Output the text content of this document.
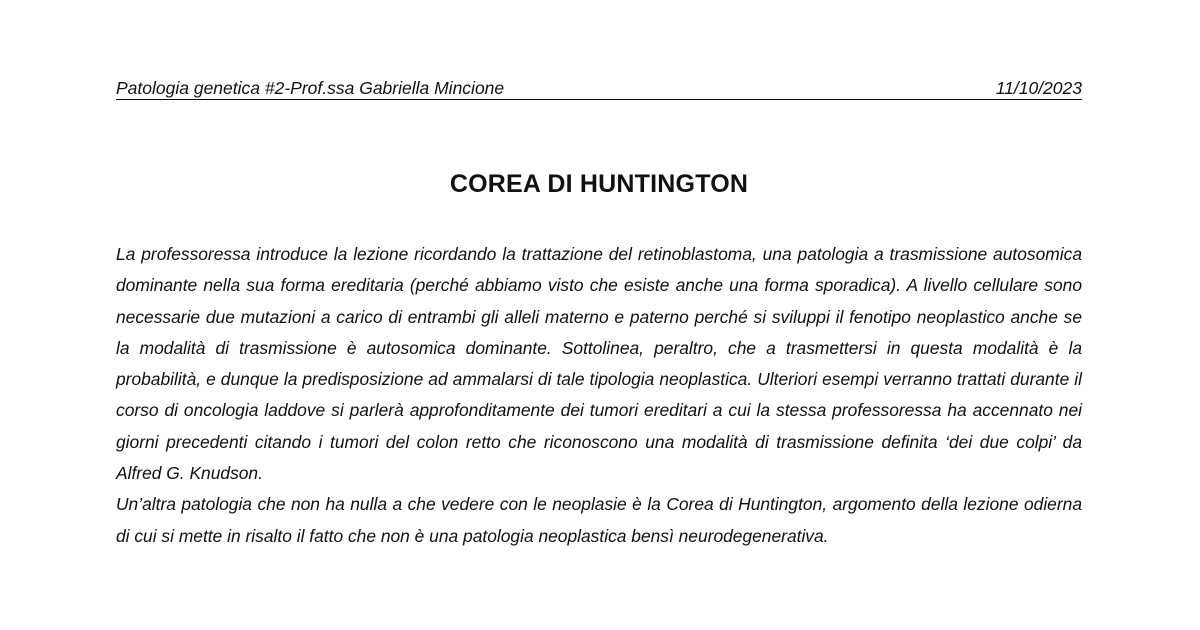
Patologia genetica #2-Prof.ssa Gabriella Mincione	11/10/2023
COREA DI HUNTINGTON

La professoressa introduce la lezione ricordando la trattazione del retinoblastoma, una patologia a trasmissione autosomica dominante nella sua forma ereditaria (perché abbiamo visto che esiste anche una forma sporadica). A livello cellulare sono necessarie due mutazioni a carico di entrambi gli alleli materno e paterno perché si sviluppi il fenotipo neoplastico anche se la modalità di trasmissione è autosomica dominante. Sottolinea, peraltro, che a trasmettersi in questa modalità è la probabilità, e dunque la predisposizione ad ammalarsi di tale tipologia neoplastica. Ulteriori esempi verranno trattati durante il corso di oncologia laddove si parlerà approfonditamente dei tumori ereditari a cui la stessa professoressa ha accennato nei giorni precedenti citando i tumori del colon retto che riconoscono una modalità di trasmissione definita ‘dei due colpi’ da Alfred G. Knudson.

Un’altra patologia che non ha nulla a che vedere con le neoplasie è la Corea di Huntington, argomento della lezione odierna di cui si mette in risalto il fatto che non è una patologia neoplastica bensì neurodegenerativa.
